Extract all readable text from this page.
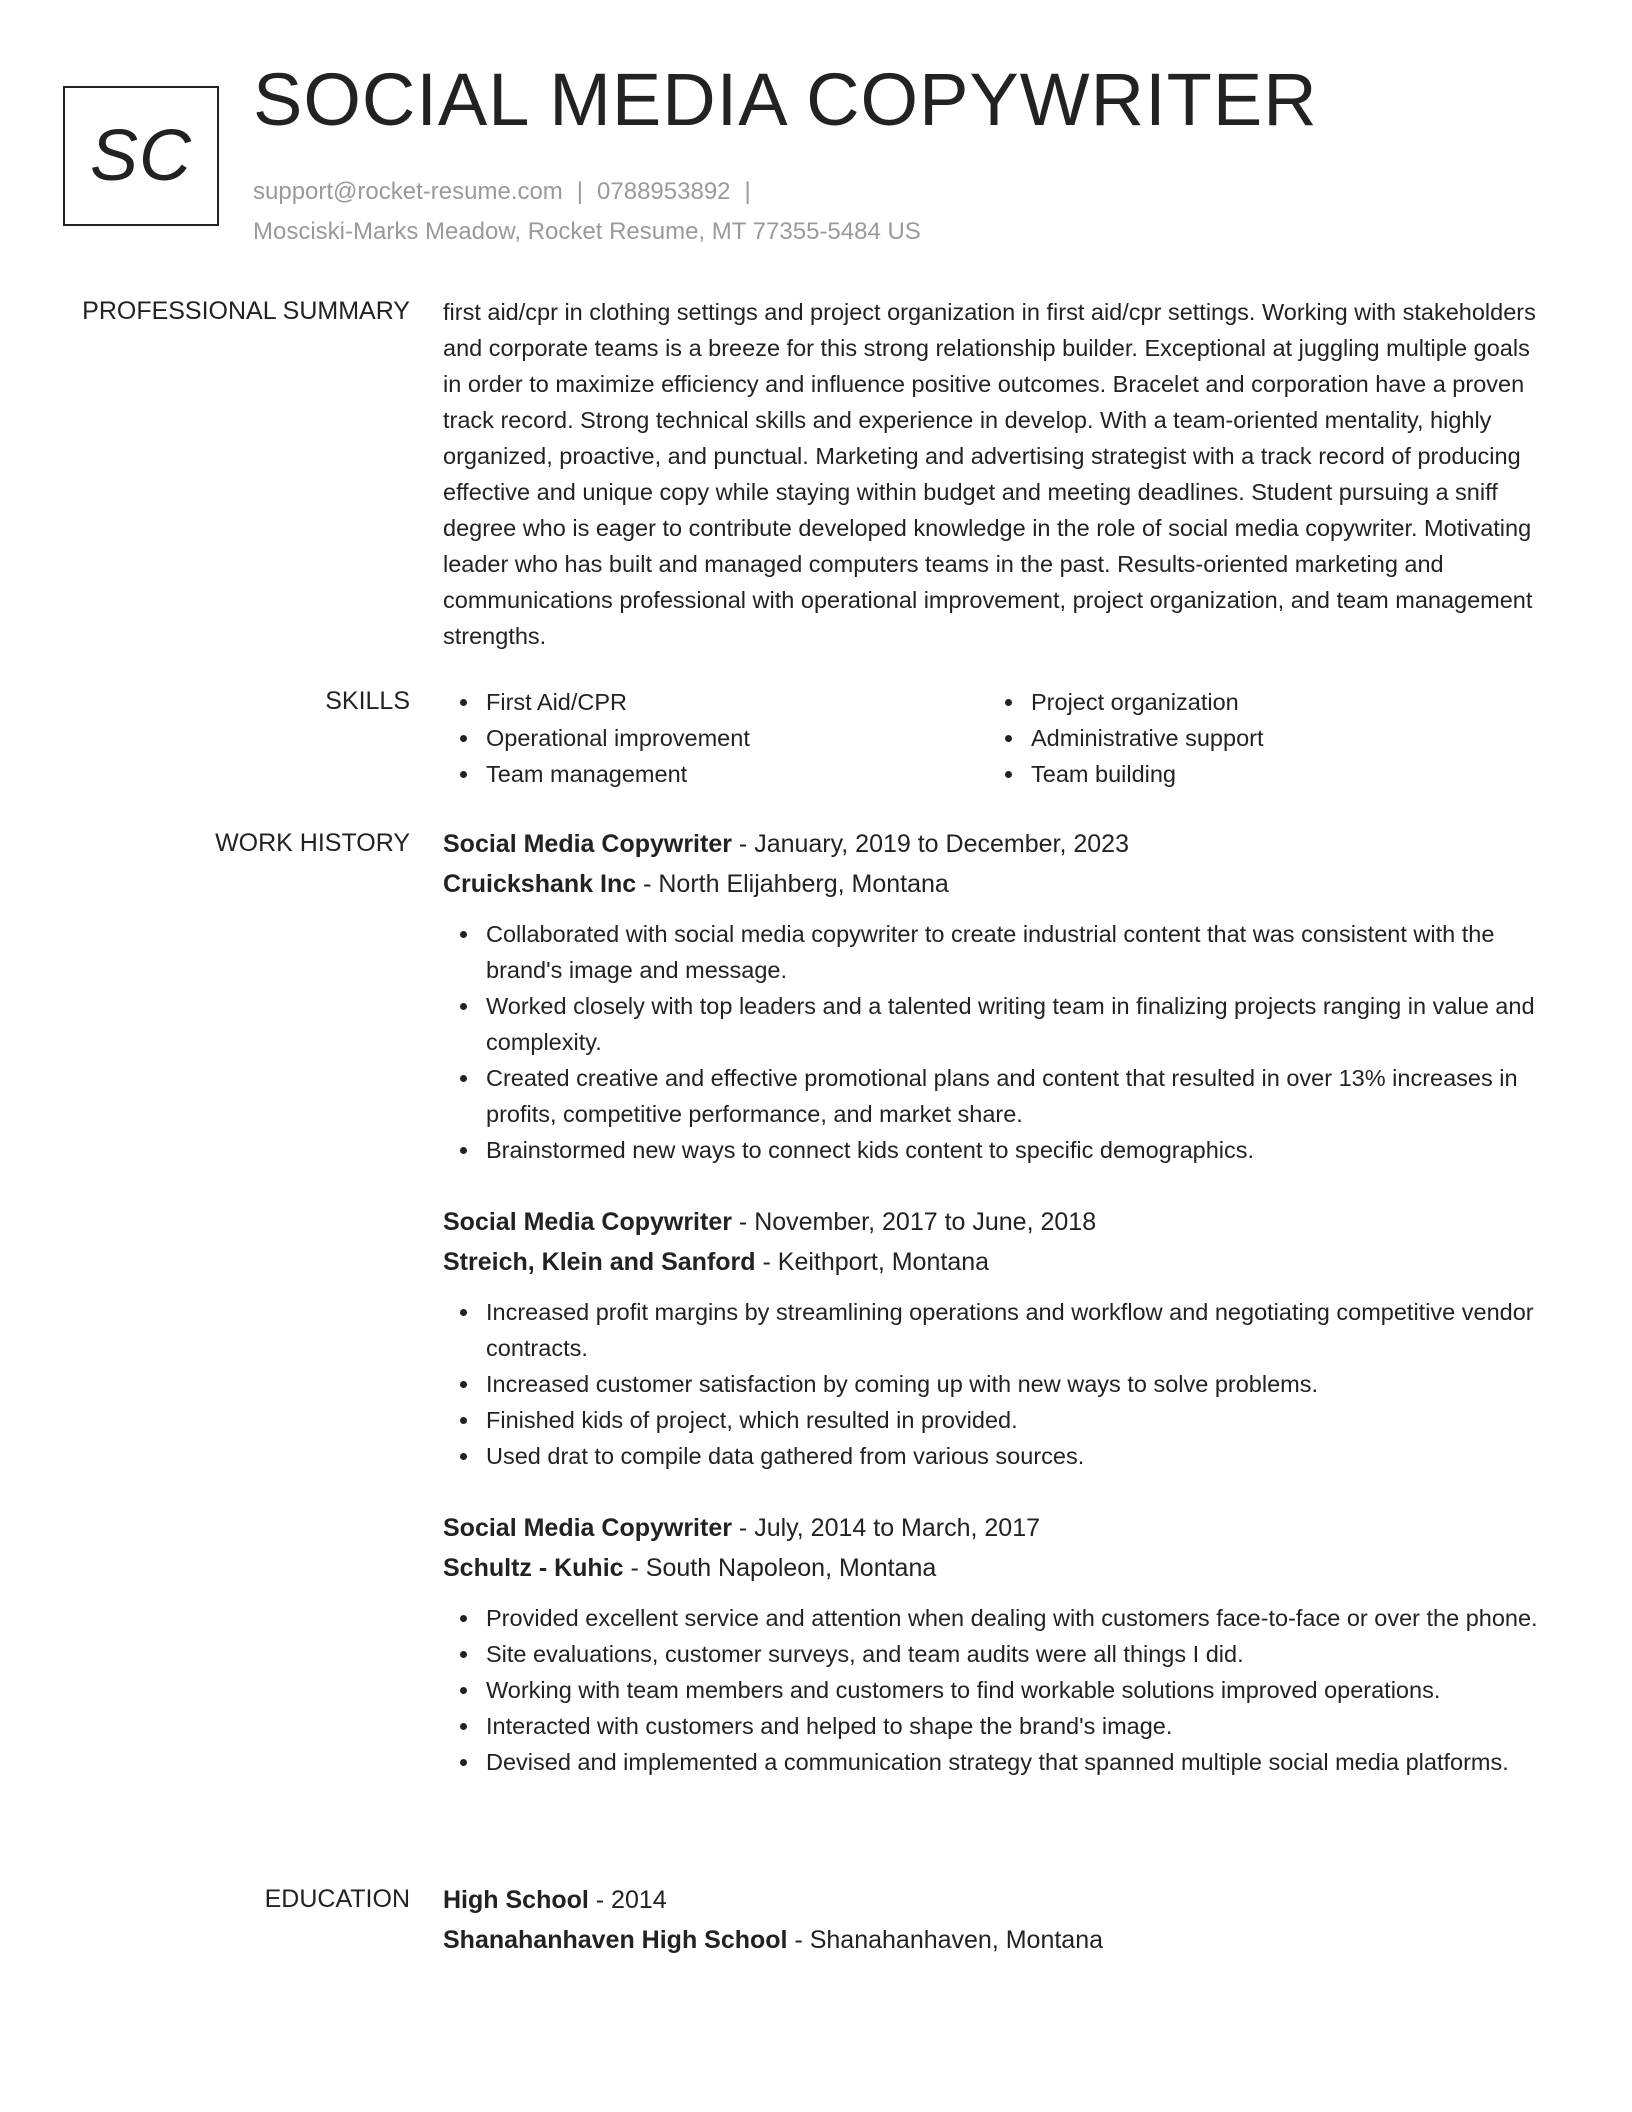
SC
SOCIAL MEDIA COPYWRITER
support@rocket-resume.com | 0788953892 |
Mosciski-Marks Meadow, Rocket Resume, MT 77355-5484 US
PROFESSIONAL SUMMARY first aid/cpr in clothing settings and project organization in first aid/cpr settings. Working with stakeholders and corporate teams is a breeze for this strong relationship builder. Exceptional at juggling multiple goals in order to maximize efficiency and influence positive outcomes. Bracelet and corporation have a proven track record. Strong technical skills and experience in develop. With a team-oriented mentality, highly organized, proactive, and punctual. Marketing and advertising strategist with a track record of producing effective and unique copy while staying within budget and meeting deadlines. Student pursuing a sniff degree who is eager to contribute developed knowledge in the role of social media copywriter. Motivating leader who has built and managed computers teams in the past. Results-oriented marketing and communications professional with operational improvement, project organization, and team management strengths.

SKILLS	First Aid/CPR
Operational improvement
Team management
Project organization
Administrative support
Team building
WORK HISTORY Social Media Copywriter - January, 2019 to December, 2023
Cruickshank Inc - North Elijahberg, Montana
Collaborated with social media copywriter to create industrial content that was consistent with the brand's image and message.
Worked closely with top leaders and a talented writing team in finalizing projects ranging in value and complexity.
Created creative and effective promotional plans and content that resulted in over 13% increases in profits, competitive performance, and market share.
Brainstormed new ways to connect kids content to specific demographics.
Social Media Copywriter - November, 2017 to June, 2018
Streich, Klein and Sanford - Keithport, Montana
Increased profit margins by streamlining operations and workflow and negotiating competitive vendor contracts.
Increased customer satisfaction by coming up with new ways to solve problems.
Finished kids of project, which resulted in provided.
Used drat to compile data gathered from various sources.
Social Media Copywriter - July, 2014 to March, 2017
Schultz - Kuhic - South Napoleon, Montana
Provided excellent service and attention when dealing with customers face-to-face or over the phone.
Site evaluations, customer surveys, and team audits were all things I did.
Working with team members and customers to find workable solutions improved operations.
Interacted with customers and helped to shape the brand's image.
Devised and implemented a communication strategy that spanned multiple social media platforms.
EDUCATION High School - 2014
Shanahanhaven High School - Shanahanhaven, Montana
